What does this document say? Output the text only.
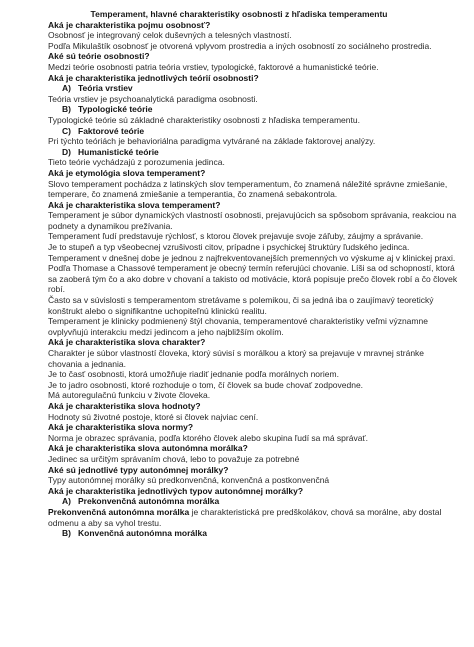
Temperament, hlavné charakteristiky osobnosti z hľadiska temperamentu
Aká je charakteristika pojmu osobnosť?
Osobnosť je integrovaný celok duševných a telesných vlastností.
Podľa Mikulaštík osobnosť je otvorená vplyvom prostredia a iných osobností zo sociálneho prostredia.
Aké sú teórie osobnosti?
Medzi teórie osobnosti patria teória vrstiev, typologické, faktorové a humanistické teórie.
Aká je charakteristika jednotlivých teórií osobnosti?
A) Teória vrstiev
Teória vrstiev je psychoanalytická paradigma osobnosti.
B) Typologické teórie
Typologické teórie sú základné charakteristiky osobnosti z hľadiska temperamentu.
C) Faktorové teórie
Pri týchto teóriách je behavioriálna paradigma vytvárané na základe faktorovej analýzy.
D) Humanistické teórie
Tieto teórie vychádzajú z porozumenia jedinca.
Aká je etymológia slova temperament?
Slovo temperament pochádza z latinských slov temperamentum, čo znamená náležité správne zmiešanie, temperare, čo znamená zmiešanie a temperantia, čo znamená sebakontrola.
Aká je charakteristika slova temperament?
Temperament je súbor dynamických vlastností osobnosti, prejavujúcich sa spôsobom správania, reakciou na podnety a dynamikou prežívania.
Temperament ľudí predstavuje rýchlosť, s ktorou človek prejavuje svoje záľuby, záujmy a správanie.
Je to stupeň a typ všeobecnej vzrušivosti citov, prípadne i psychickej štruktúry ľudského jedinca.
Temperament v dnešnej dobe je jednou z najfrekventovanejších premenných vo výskume aj v klinickej praxi.
Podľa Thomase a Chassové temperament je obecný termín referujúci chovanie. Líši sa od schopností, ktorá sa zaoberá tým čo a ako dobre v chovaní a takisto od motivácie, ktorá popisuje prečo človek robí a čo človek robí.
Často sa v súvislosti s temperamentom stretávame s polemikou, či sa jedná iba o zaujímavý teoretický konštrukt alebo o signifikantne uchopiteľnú klinickú realitu.
Temperament je klinicky podmienený štýl chovania, temperamentové charakteristiky veľmi významne ovplyvňujú interakciu medzi jedincom a jeho najbližším okolím.
Aká je charakteristika slova charakter?
Charakter je súbor vlastností človeka, ktorý súvisí s morálkou a ktorý sa prejavuje v mravnej stránke chovania a jednania.
Je to časť osobnosti, ktorá umožňuje riadiť jednanie podľa morálnych noriem.
Je to jadro osobnosti, ktoré rozhoduje o tom, čí človek sa bude chovať zodpovedne.
Má autoregulačnú funkciu v živote človeka.
Aká je charakteristika slova hodnoty?
Hodnoty sú životné postoje, ktoré si človek najviac cení.
Aká je charakteristika slova normy?
Norma je obrazec správania, podľa ktorého človek alebo skupina ľudí sa má správať.
Aká je charakteristika slova autonómna morálka?
Jedinec sa určitým správaním chová, lebo to považuje za potrebné
Aké sú jednotlivé typy autonómnej morálky?
Typy autonómnej morálky sú predkonvenčná, konvenčná a postkonvenčná
Aká je charakteristika jednotlivých typov autonómnej morálky?
A) Prekonvenčná autonómna morálka
Prekonvenčná autonómna morálka je charakteristická pre predškolákov, chová sa morálne, aby dostal odmenu a aby sa vyhol trestu.
B) Konvenčná autonómna morálka
